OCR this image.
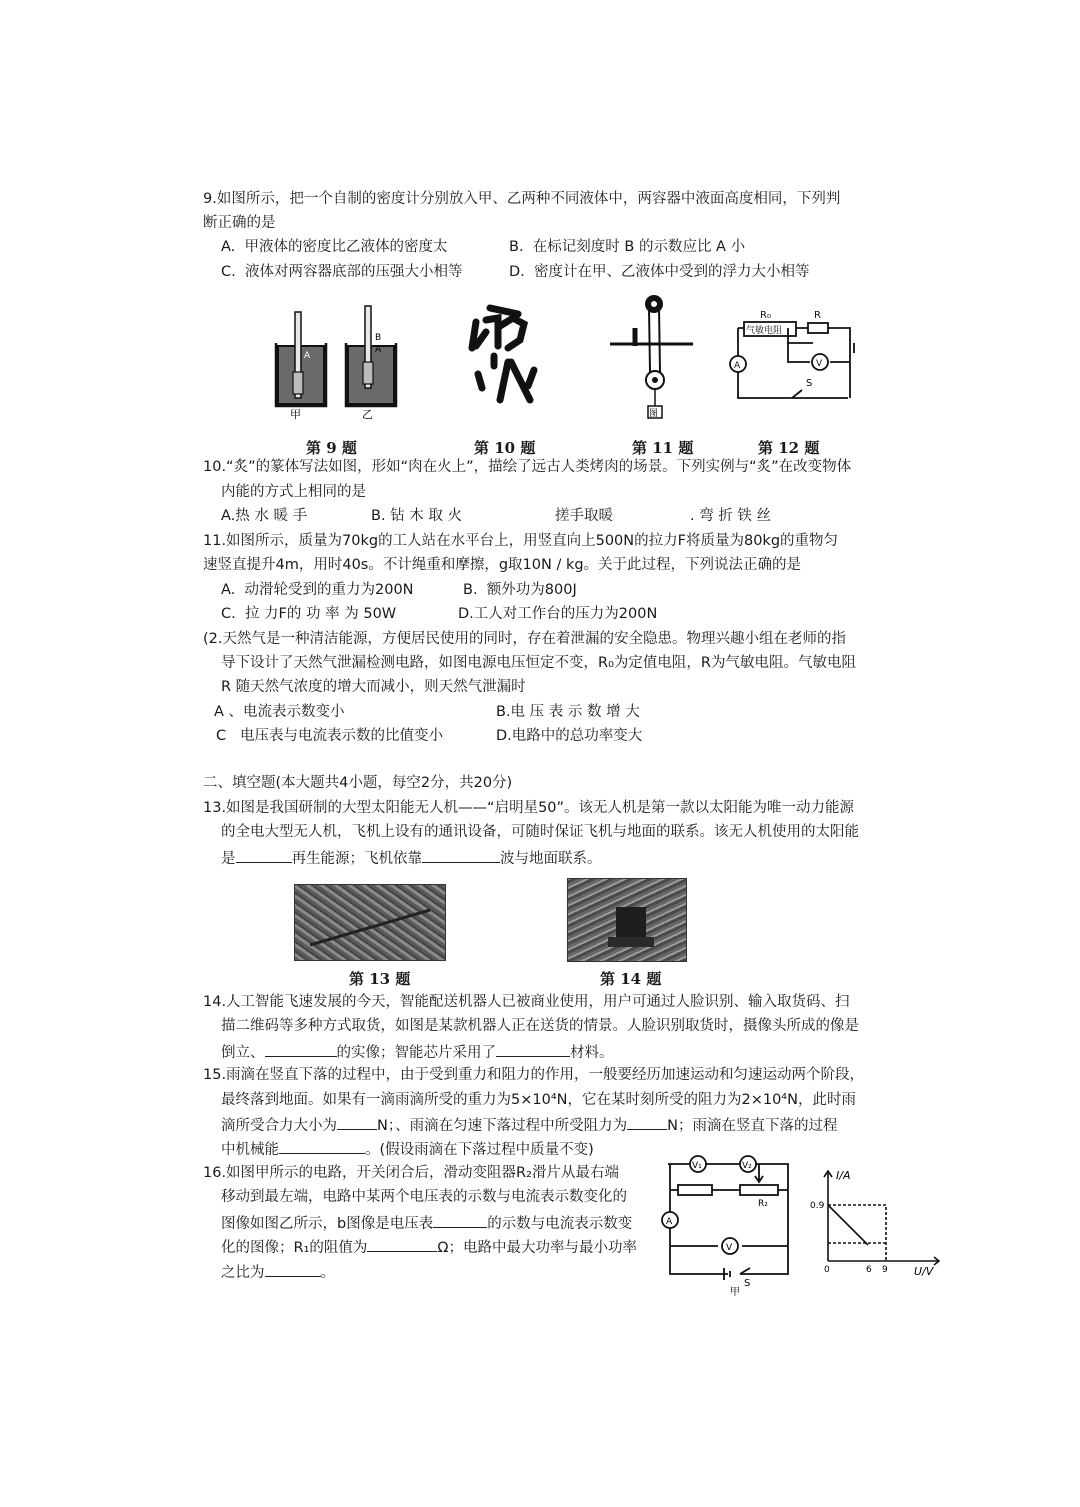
9.如图所示，把一个自制的密度计分别放入甲、乙两种不同液体中，两容器中液面高度相同，下列判
断正确的是
A.  甲液体的密度比乙液体的密度太	B.  在标记刻度时 B 的示数应比 A 小
C.  液体对两容器底部的压强大小相等	D.  密度计在甲、乙液体中受到的浮力大小相等
A
甲
B
A
乙	图
气敏电阻
R₀	R
A	V
S
第 9 题	第 10 题	第 11 题	第 12 题
10.“炙”的篆体写法如图，形如“肉在火上”，描绘了远古人类烤肉的场景。下列实例与“炙”在改变物体
内能的方式上相同的是
A.热 水 暖 手	B. 钻 木 取 火	搓手取暖	. 弯 折 铁 丝
11.如图所示，质量为70kg的工人站在水平台上，用竖直向上500N的拉力F将质量为80kg的重物匀
速竖直提升4m，用时40s。不计绳重和摩擦，g取10N / kg。关于此过程，下列说法正确的是
A.  动滑轮受到的重力为200N	B.  额外功为800J
C.  拉 力F的 功 率 为 50W	D.工人对工作台的压力为200N
(2.天然气是一种清洁能源，方便居民使用的同时，存在着泄漏的安全隐患。物理兴趣小组在老师的指
导下设计了天然气泄漏检测电路，如图电源电压恒定不变，R₀为定值电阻，R为气敏电阻。气敏电阻
R 随天然气浓度的增大而减小，则天然气泄漏时
A 、电流表示数变小	B.电 压 表 示 数 增 大
C   电压表与电流表示数的比值变小	D.电路中的总功率变大
二、填空题(本大题共4小题，每空2分，共20分)
13.如图是我国研制的大型太阳能无人机——“启明星50”。该无人机是第一款以太阳能为唯一动力能源
的全电大型无人机，飞机上设有的通讯设备，可随时保证飞机与地面的联系。该无人机使用的太阳能
是	再生能源；飞机依靠	波与地面联系。
第 13 题	第 14 题
14.人工智能飞速发展的今天，智能配送机器人已被商业使用，用户可通过人脸识别、输入取货码、扫
描二维码等多种方式取货，如图是某款机器人正在送货的情景。人脸识别取货时，摄像头所成的像是
倒立、	的实像；智能芯片采用了	材料。
15.雨滴在竖直下落的过程中，由于受到重力和阻力的作用，一般要经历加速运动和匀速运动两个阶段，
最终落到地面。如果有一滴雨滴所受的重力为5×10⁴N，它在某时刻所受的阻力为2×10⁴N，此时雨
滴所受合力大小为	N；、雨滴在匀速下落过程中所受阻力为	N；雨滴在竖直下落的过程
中机械能	。(假设雨滴在下落过程中质量不变)
16.如图甲所示的电路，开关闭合后，滑动变阻器R₂滑片从最右端
移动到最左端，电路中某两个电压表的示数与电流表示数变化的
图像如图乙所示，b图像是电压表	的示数与电流表示数变
化的图像；R₁的阻值为	Ω；电路中最大功率与最小功率
之比为	。
V₁	V₂
R₂
A
V
S
甲
I/A
U/V
0.9
0	6 9
